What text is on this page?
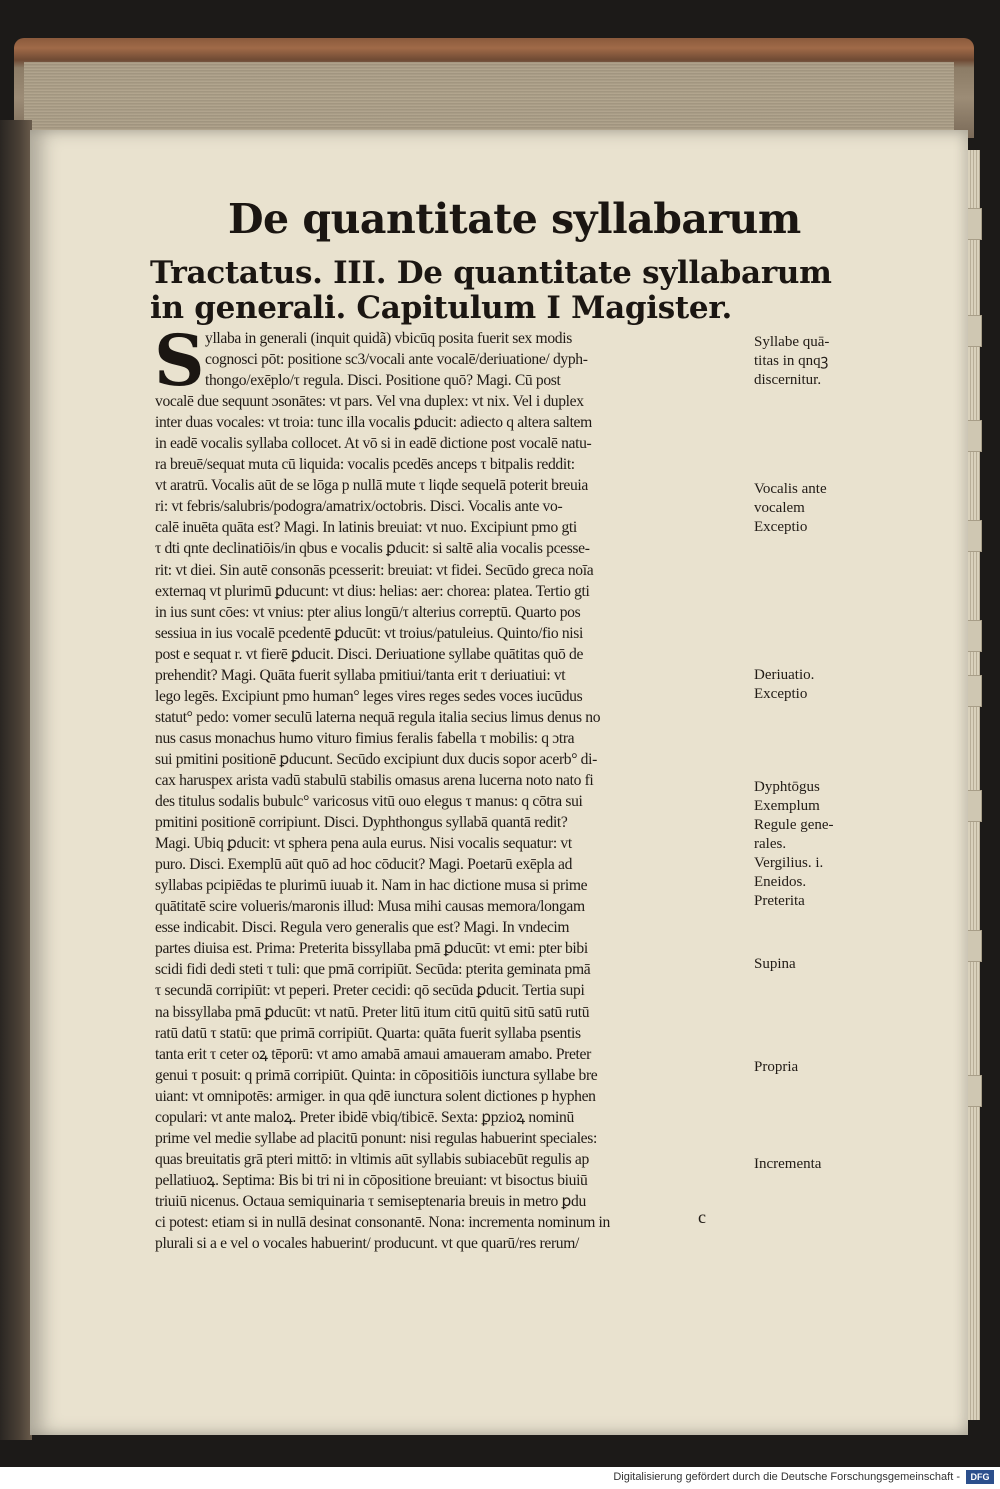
De quantitate syllabarum
Tractatus. III. De quantitate syllabarum
in generali. Capitulum I Magister.
S yllaba in generali (inquit quidã) vbicūq posita fuerit sex modis
cognosci pōt: positione sc3/vocali ante vocalē/deriuatione/ dyph-
thongo/exēplo/τ regula. Disci. Positione quō? Magi. Cū post
vocalē due sequunt ɔsonātes: vt pars. Vel vna duplex: vt nix. Vel i duplex
inter duas vocales: vt troia: tunc illa vocalis ꝑducit: adiecto q altera saltem
in eadē vocalis syllaba collocet. At vō si in eadē dictione post vocalē natu-
ra breuē/sequat muta cū liquida: vocalis pcedēs anceps τ bitpalis reddit:
vt aratrū. Vocalis aūt de se lōga p nullā mute τ liqde sequelā poterit breuia
ri: vt febris/salubris/podogra/amatrix/octobris. Disci. Vocalis ante vo-
calē inuēta quāta est? Magi. In latinis breuiat: vt nuo. Excipiunt pmo gti
τ dti qnte declinatiōis/in qbus e vocalis ꝑducit: si saltē alia vocalis pcesse-
rit: vt diei. Sin autē consonās pcesserit: breuiat: vt fidei. Secūdo greca noīa
externaq vt plurimū ꝑducunt: vt dius: helias: aer: chorea: platea. Tertio gti
in ius sunt cōes: vt vnius: pter alius longū/τ alterius correptū. Quarto pos
sessiua in ius vocalē pcedentē ꝑducūt: vt troius/patuleius. Quinto/fio nisi
post e sequat r. vt fierē ꝑducit. Disci. Deriuatione syllabe quātitas quō de
prehendit? Magi. Quāta fuerit syllaba pmitiui/tanta erit τ deriuatiui: vt
lego legēs. Excipiunt pmo human° leges vires reges sedes voces iucūdus
statut° pedo: vomer seculū laterna nequā regula italia secius limus denus no
nus casus monachus humo vituro fimius feralis fabella τ mobilis: q ɔtra
sui pmitini positionē ꝑducunt. Secūdo excipiunt dux ducis sopor acerb° di-
cax haruspex arista vadū stabulū stabilis omasus arena lucerna noto nato fi
des titulus sodalis bubulc° varicosus vitū ouo elegus τ manus: q cōtra sui
pmitini positionē corripiunt. Disci. Dyphthongus syllabā quantā redit?
Magi. Ubiq ꝑducit: vt sphera pena aula eurus. Nisi vocalis sequatur: vt
puro. Disci. Exemplū aūt quō ad hoc cōducit? Magi. Poetarū exēpla ad
syllabas pcipiēdas te plurimū iuuab it. Nam in hac dictione musa si prime
quātitatē scire volueris/maronis illud: Musa mihi causas memora/longam
esse indicabit. Disci. Regula vero generalis que est? Magi. In vndecim
partes diuisa est. Prima: Preterita bissyllaba pmā ꝑducūt: vt emi: pter bibi
scidi fidi dedi steti τ tuli: que pmā corripiūt. Secūda: pterita geminata pmā
τ secundā corripiūt: vt peperi. Preter cecidi: qō secūda ꝑducit. Tertia supi
na bissyllaba pmā ꝑducūt: vt natū. Preter litū itum citū quitū sitū satū rutū
ratū datū τ statū: que primā corripiūt. Quarta: quāta fuerit syllaba psentis
tanta erit τ ceter oꝝ tēporū: vt amo amabā amaui amaueram amabo. Preter
genui τ posuit: q primā corripiūt. Quinta: in cōpositiōis iunctura syllabe bre
uiant: vt omnipotēs: armiger. in qua qdē iunctura solent dictiones p hyphen
copulari: vt ante maloꝝ. Preter ibidē vbiq/tibicē. Sexta: ꝑpzioꝝ nominū
prime vel medie syllabe ad placitū ponunt: nisi regulas habuerint speciales:
quas breuitatis grā pteri mittō: in vltimis aūt syllabis subiacebūt regulis ap
pellatiuoꝝ. Septima: Bis bi tri ni in cōpositione breuiant: vt bisoctus biuiū
triuiū nicenus. Octaua semiquinaria τ semiseptenaria breuis in metro ꝑdu
ci potest: etiam si in nullā desinat consonantē. Nona: incrementa nominum in
plurali si a e vel o vocales habuerint/ producunt. vt que quarū/res rerum/
Syllabe quā-
titas in qnqꝫ
discernitur.
Vocalis ante
vocalem
Exceptio
Deriuatio.
Exceptio
Dyphtōgus
Exemplum
Regule gene-
rales.
Vergilius. i.
Eneidos.
Preterita
Supina
Propria
Incrementa
c
Digitalisierung gefördert durch die Deutsche Forschungsgemeinschaft -	DFG
